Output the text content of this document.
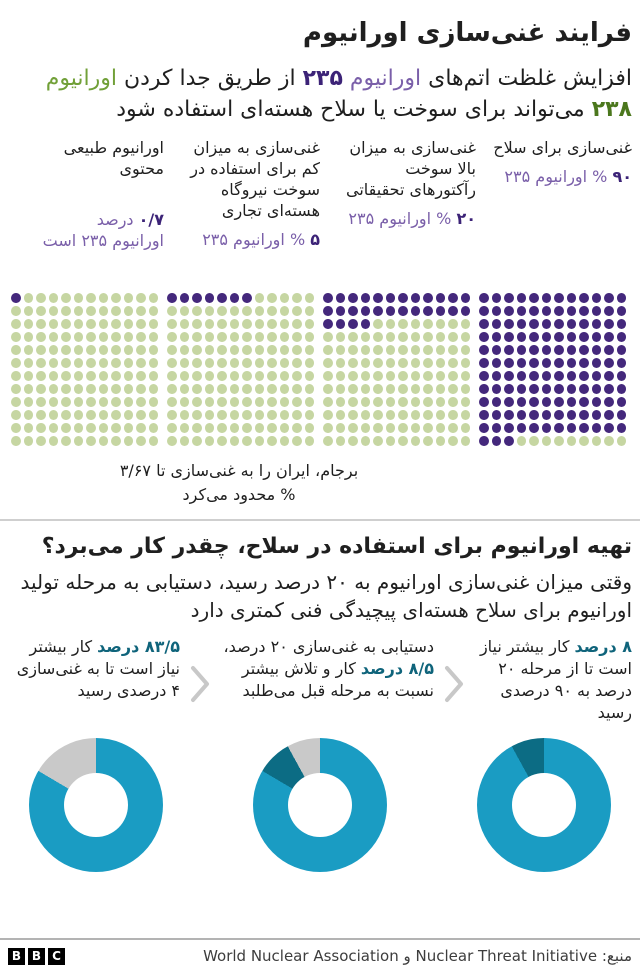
فرایند غنی‌سازی اورانیوم

افزایش غلظت اتم‌های اورانیوم ۲۳۵ از طریق جدا کردن اورانیوم ۲۳۸ می‌تواند برای سوخت یا سلاح هسته‌ای استفاده شود

غنی‌سازی برای سلاح
۹۰ % اورانیوم ۲۳۵
غنی‌سازی به میزان بالا سوخت رآکتورهای تحقیقاتی
۲۰ % اورانیوم ۲۳۵
غنی‌سازی به میزان کم برای استفاده در سوخت نیروگاه هسته‌ای تجاری
۵ % اورانیوم ۲۳۵
اورانیوم طبیعی محتوی
۰/۷ درصد
اورانیوم ۲۳۵ است
برجام، ایران را به غنی‌سازی تا ۳/۶۷ % محدود می‌کرد
تهیه اورانیوم برای استفاده در سلاح، چقدر کار می‌برد؟

وقتی میزان غنی‌سازی اورانیوم به ۲۰ درصد رسید، دستیابی به مرحله تولید اورانیوم برای سلاح هسته‌ای پیچیدگی فنی کمتری دارد

۸ درصد کار بیشتر نیاز است تا از مرحله ۲۰ درصد به ۹۰ درصدی رسید
دستیابی به غنی‌سازی ۲۰ درصد، ۸/۵ درصد کار و تلاش بیشتر نسبت به مرحله قبل می‌طلبد
۸۳/۵ درصد کار بیشتر نیاز است تا به غنی‌سازی ۴ درصدی رسید
B B C	منبع: Nuclear Threat Initiative و World Nuclear Association
